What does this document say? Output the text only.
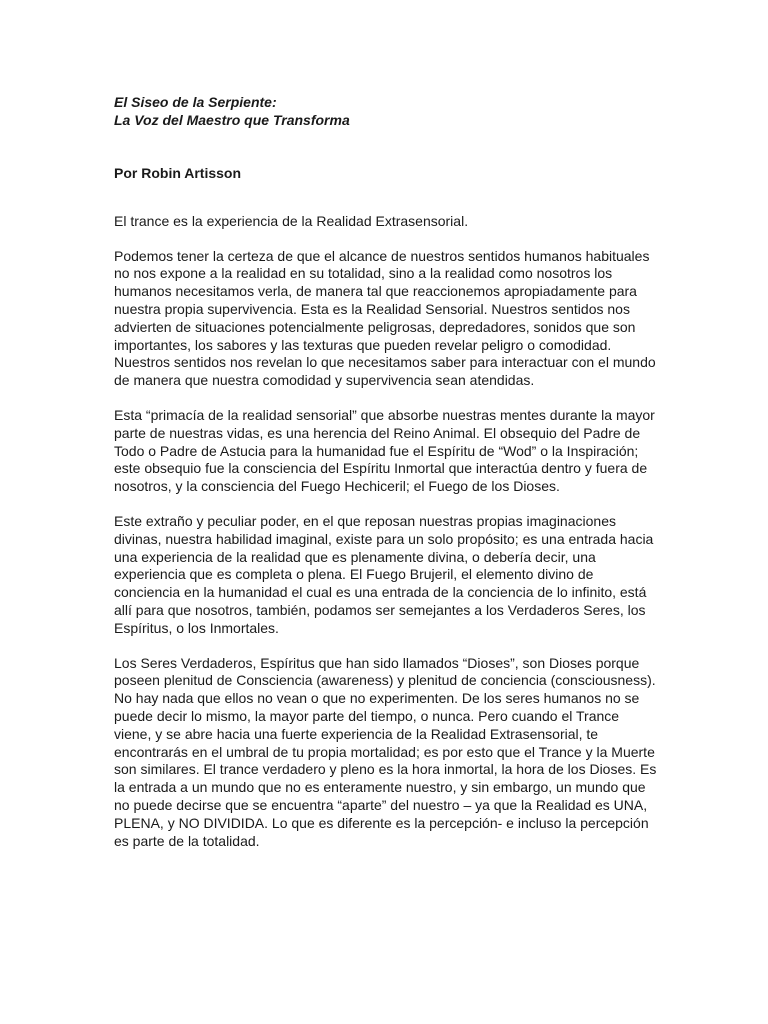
El Siseo de la Serpiente:
La Voz del Maestro que Transforma

Por Robin Artisson

El trance es la experiencia de la Realidad Extrasensorial.

Podemos tener la certeza de que el alcance de nuestros sentidos humanos habituales no nos expone a la realidad en su totalidad, sino a la realidad como nosotros los humanos necesitamos verla, de manera tal que reaccionemos apropiadamente para nuestra propia supervivencia. Esta es la Realidad Sensorial. Nuestros sentidos nos advierten de situaciones potencialmente peligrosas, depredadores, sonidos que son importantes, los sabores y las texturas que pueden revelar peligro o comodidad. Nuestros sentidos nos revelan lo que necesitamos saber para interactuar con el mundo de manera que nuestra comodidad y supervivencia sean atendidas.

Esta “primacía de la realidad sensorial” que absorbe nuestras mentes durante la mayor parte de nuestras vidas, es una herencia del Reino Animal. El obsequio del Padre de Todo o Padre de Astucia para la humanidad fue el Espíritu de “Wod” o la Inspiración; este obsequio fue la consciencia del Espíritu Inmortal que interactúa dentro y fuera de nosotros, y la consciencia del Fuego Hechiceril; el Fuego de los Dioses.

Este extraño y peculiar poder, en el que reposan nuestras propias imaginaciones divinas, nuestra habilidad imaginal, existe para un solo propósito; es una entrada hacia una experiencia de la realidad que es plenamente divina, o debería decir, una experiencia que es completa o plena. El Fuego Brujeril, el elemento divino de conciencia en la humanidad el cual es una entrada de la conciencia de lo infinito, está allí para que nosotros, también, podamos ser semejantes a los Verdaderos Seres, los Espíritus, o los Inmortales.

Los Seres Verdaderos, Espíritus que han sido llamados “Dioses”, son Dioses porque poseen plenitud de Consciencia (awareness) y plenitud de conciencia (consciousness). No hay nada que ellos no vean o que no experimenten. De los seres humanos no se puede decir lo mismo, la mayor parte del tiempo, o nunca. Pero cuando el Trance viene, y se abre hacia una fuerte experiencia de la Realidad Extrasensorial, te encontrarás en el umbral de tu propia mortalidad; es por esto que el Trance y la Muerte son similares. El trance verdadero y pleno es la hora inmortal, la hora de los Dioses. Es la entrada a un mundo que no es enteramente nuestro, y sin embargo, un mundo que no puede decirse que se encuentra “aparte” del nuestro – ya que la Realidad es UNA, PLENA, y NO DIVIDIDA. Lo que es diferente es la percepción- e incluso la percepción es parte de la totalidad.
